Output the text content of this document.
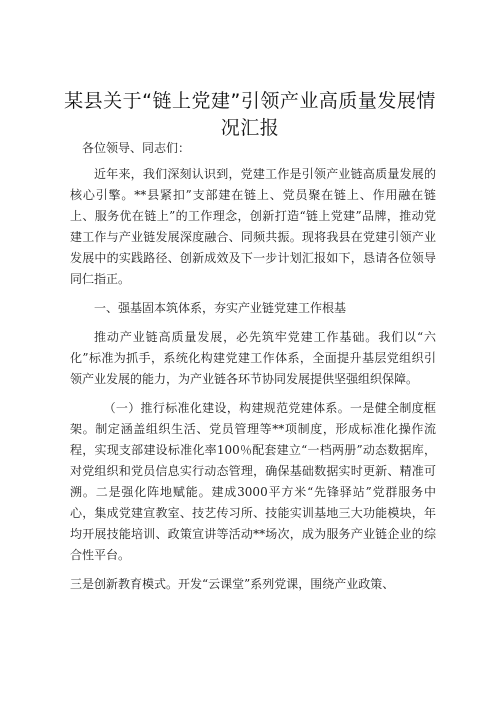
某县关于“链上党建”引领产业高质量发展情况汇报

各位领导、同志们：

近年来，我们深刻认识到，党建工作是引领产业链高质量发展的核心引擎。**县紧扣”支部建在链上、党员聚在链上、作用融在链上、服务优在链上”的工作理念，创新打造“链上党建”品牌，推动党建工作与产业链发展深度融合、同频共振。现将我县在党建引领产业发展中的实践路径、创新成效及下一步计划汇报如下，恳请各位领导同仁指正。

一、强基固本筑体系，夯实产业链党建工作根基

推动产业链高质量发展，必先筑牢党建工作基础。我们以“六化”标准为抓手，系统化构建党建工作体系，全面提升基层党组织引领产业发展的能力，为产业链各环节协同发展提供坚强组织保障。

（一）推行标准化建设，构建规范党建体系。一是健全制度框架。制定涵盖组织生活、党员管理等**项制度，形成标准化操作流程，实现支部建设标准化率100％配套建立“一档两册”动态数据库，对党组织和党员信息实行动态管理，确保基础数据实时更新、精准可溯。二是强化阵地赋能。建成3000平方米“先锋驿站”党群服务中心，集成党建宣教室、技艺传习所、技能实训基地三大功能模块，年均开展技能培训、政策宣讲等活动**场次，成为服务产业链企业的综合性平台。

三是创新教育模式。开发“云课堂”系列党课，围绕产业政策、
